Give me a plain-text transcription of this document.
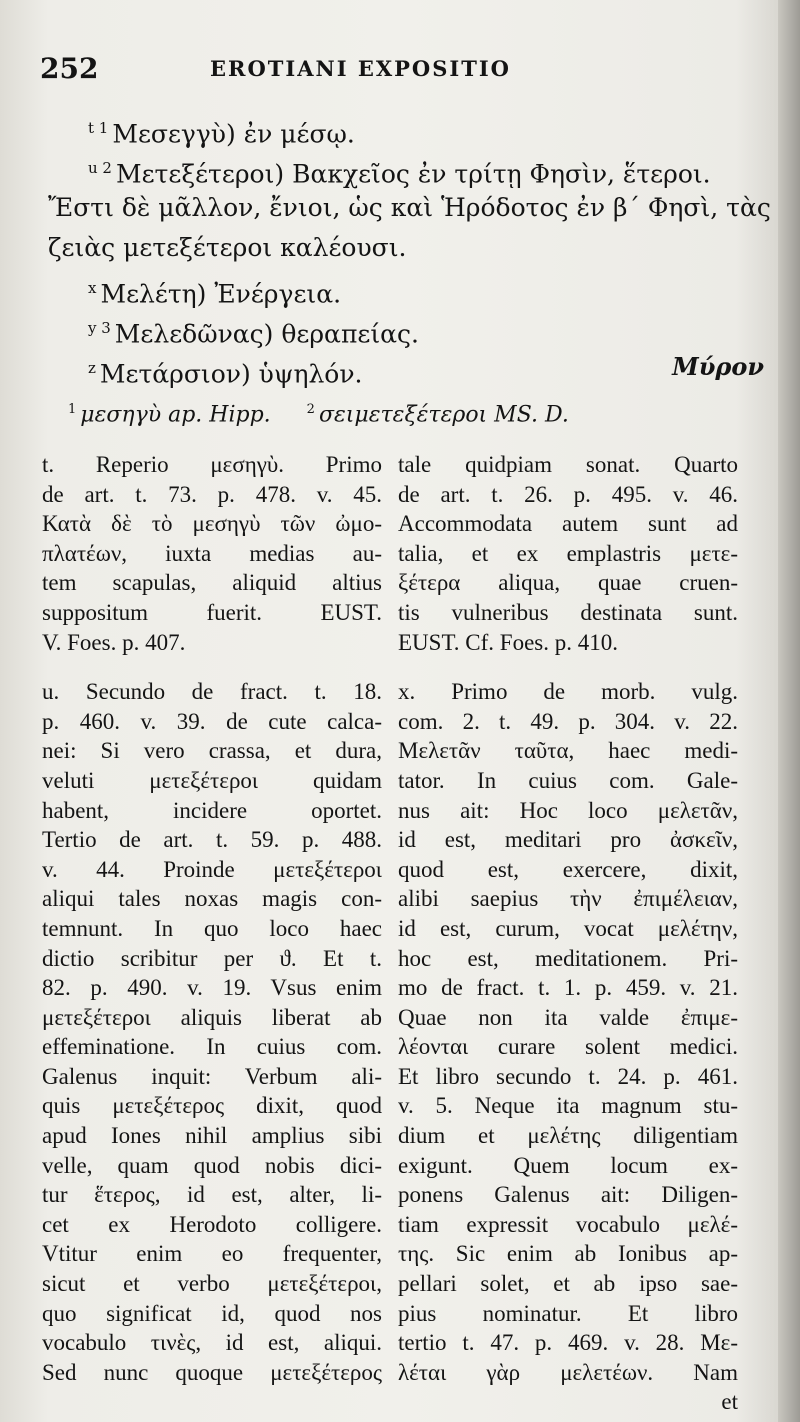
252	EROTIANI EXPOSITIO
$^{t 1}$ Μεσεγγὺ) ἐν μέσῳ.
$^{u 2}$ Μετεξέτεροι) Βακχεῖος ἐν τρίτῃ Φησὶν, ἕτεροι.
Ἔστι δὲ μᾶλλον, ἔνιοι, ὡς καὶ Ἡρόδοτος ἐν β´ Φησὶ, τὰς
ζειὰς μετεξέτεροι καλέουσι.
$^x$ Μελέτη) Ἐνέργεια.
$^{y 3}$ Μελεδῶνας) θεραπείας.
$^z$ Μετάρσιον) ὑψηλόν.	Μύρον
$^1$ μεσηγὺ ap. Hipp.	$^2$ σειμετεξέτεροι MS. D.
t. Reperio μεσηγὺ. Primo
de art. t. 73. p. 478. v. 45.
Κατὰ δὲ τὸ μεσηγὺ τῶν ὠμο-
πλατέων, iuxta medias au-
tem scapulas, aliquid altius
suppositum fuerit. EUST.
V. Foes. p. 407.
u. Secundo de fract. t. 18.
p. 460. v. 39. de cute calca-
nei: Si vero crassa, et dura,
veluti μετεξέτεροι quidam
habent, incidere oportet.
Tertio de art. t. 59. p. 488.
v. 44. Proinde μετεξέτεροι
aliqui tales noxas magis con-
temnunt. In quo loco haec
dictio scribitur per ϑ. Et t.
82. p. 490. v. 19. Vsus enim
μετεξέτεροι aliquis liberat ab
effeminatione. In cuius com.
Galenus inquit: Verbum ali-
quis μετεξέτερος dixit, quod
apud Iones nihil amplius sibi
velle, quam quod nobis dici-
tur ἕτερος, id est, alter, li-
cet ex Herodoto colligere.
Vtitur enim eo frequenter,
sicut et verbo μετεξέτεροι,
quo significat id, quod nos
vocabulo τινὲς, id est, aliqui.
Sed nunc quoque μετεξέτερος
tale quidpiam sonat. Quarto
de art. t. 26. p. 495. v. 46.
Accommodata autem sunt ad
talia, et ex emplastris μετε-
ξέτερα aliqua, quae cruen-
tis vulneribus destinata sunt.
EUST. Cf. Foes. p. 410.
x. Primo de morb. vulg.
com. 2. t. 49. p. 304. v. 22.
Μελετᾶν ταῦτα, haec medi-
tator. In cuius com. Gale-
nus ait: Hoc loco μελετᾶν,
id est, meditari pro ἀσκεῖν,
quod est, exercere, dixit,
alibi saepius τὴν ἐπιμέλειαν,
id est, curum, vocat μελέτην,
hoc est, meditationem. Pri-
mo de fract. t. 1. p. 459. v. 21.
Quae non ita valde ἐπιμε-
λέονται curare solent medici.
Et libro secundo t. 24. p. 461.
v. 5. Neque ita magnum stu-
dium et μελέτης diligentiam
exigunt. Quem locum ex-
ponens Galenus ait: Diligen-
tiam expressit vocabulo μελέ-
της. Sic enim ab Ionibus ap-
pellari solet, et ab ipso sae-
pius nominatur. Et libro
tertio t. 47. p. 469. v. 28. Με-
λέται γὰρ μελετέων. Nam
et
